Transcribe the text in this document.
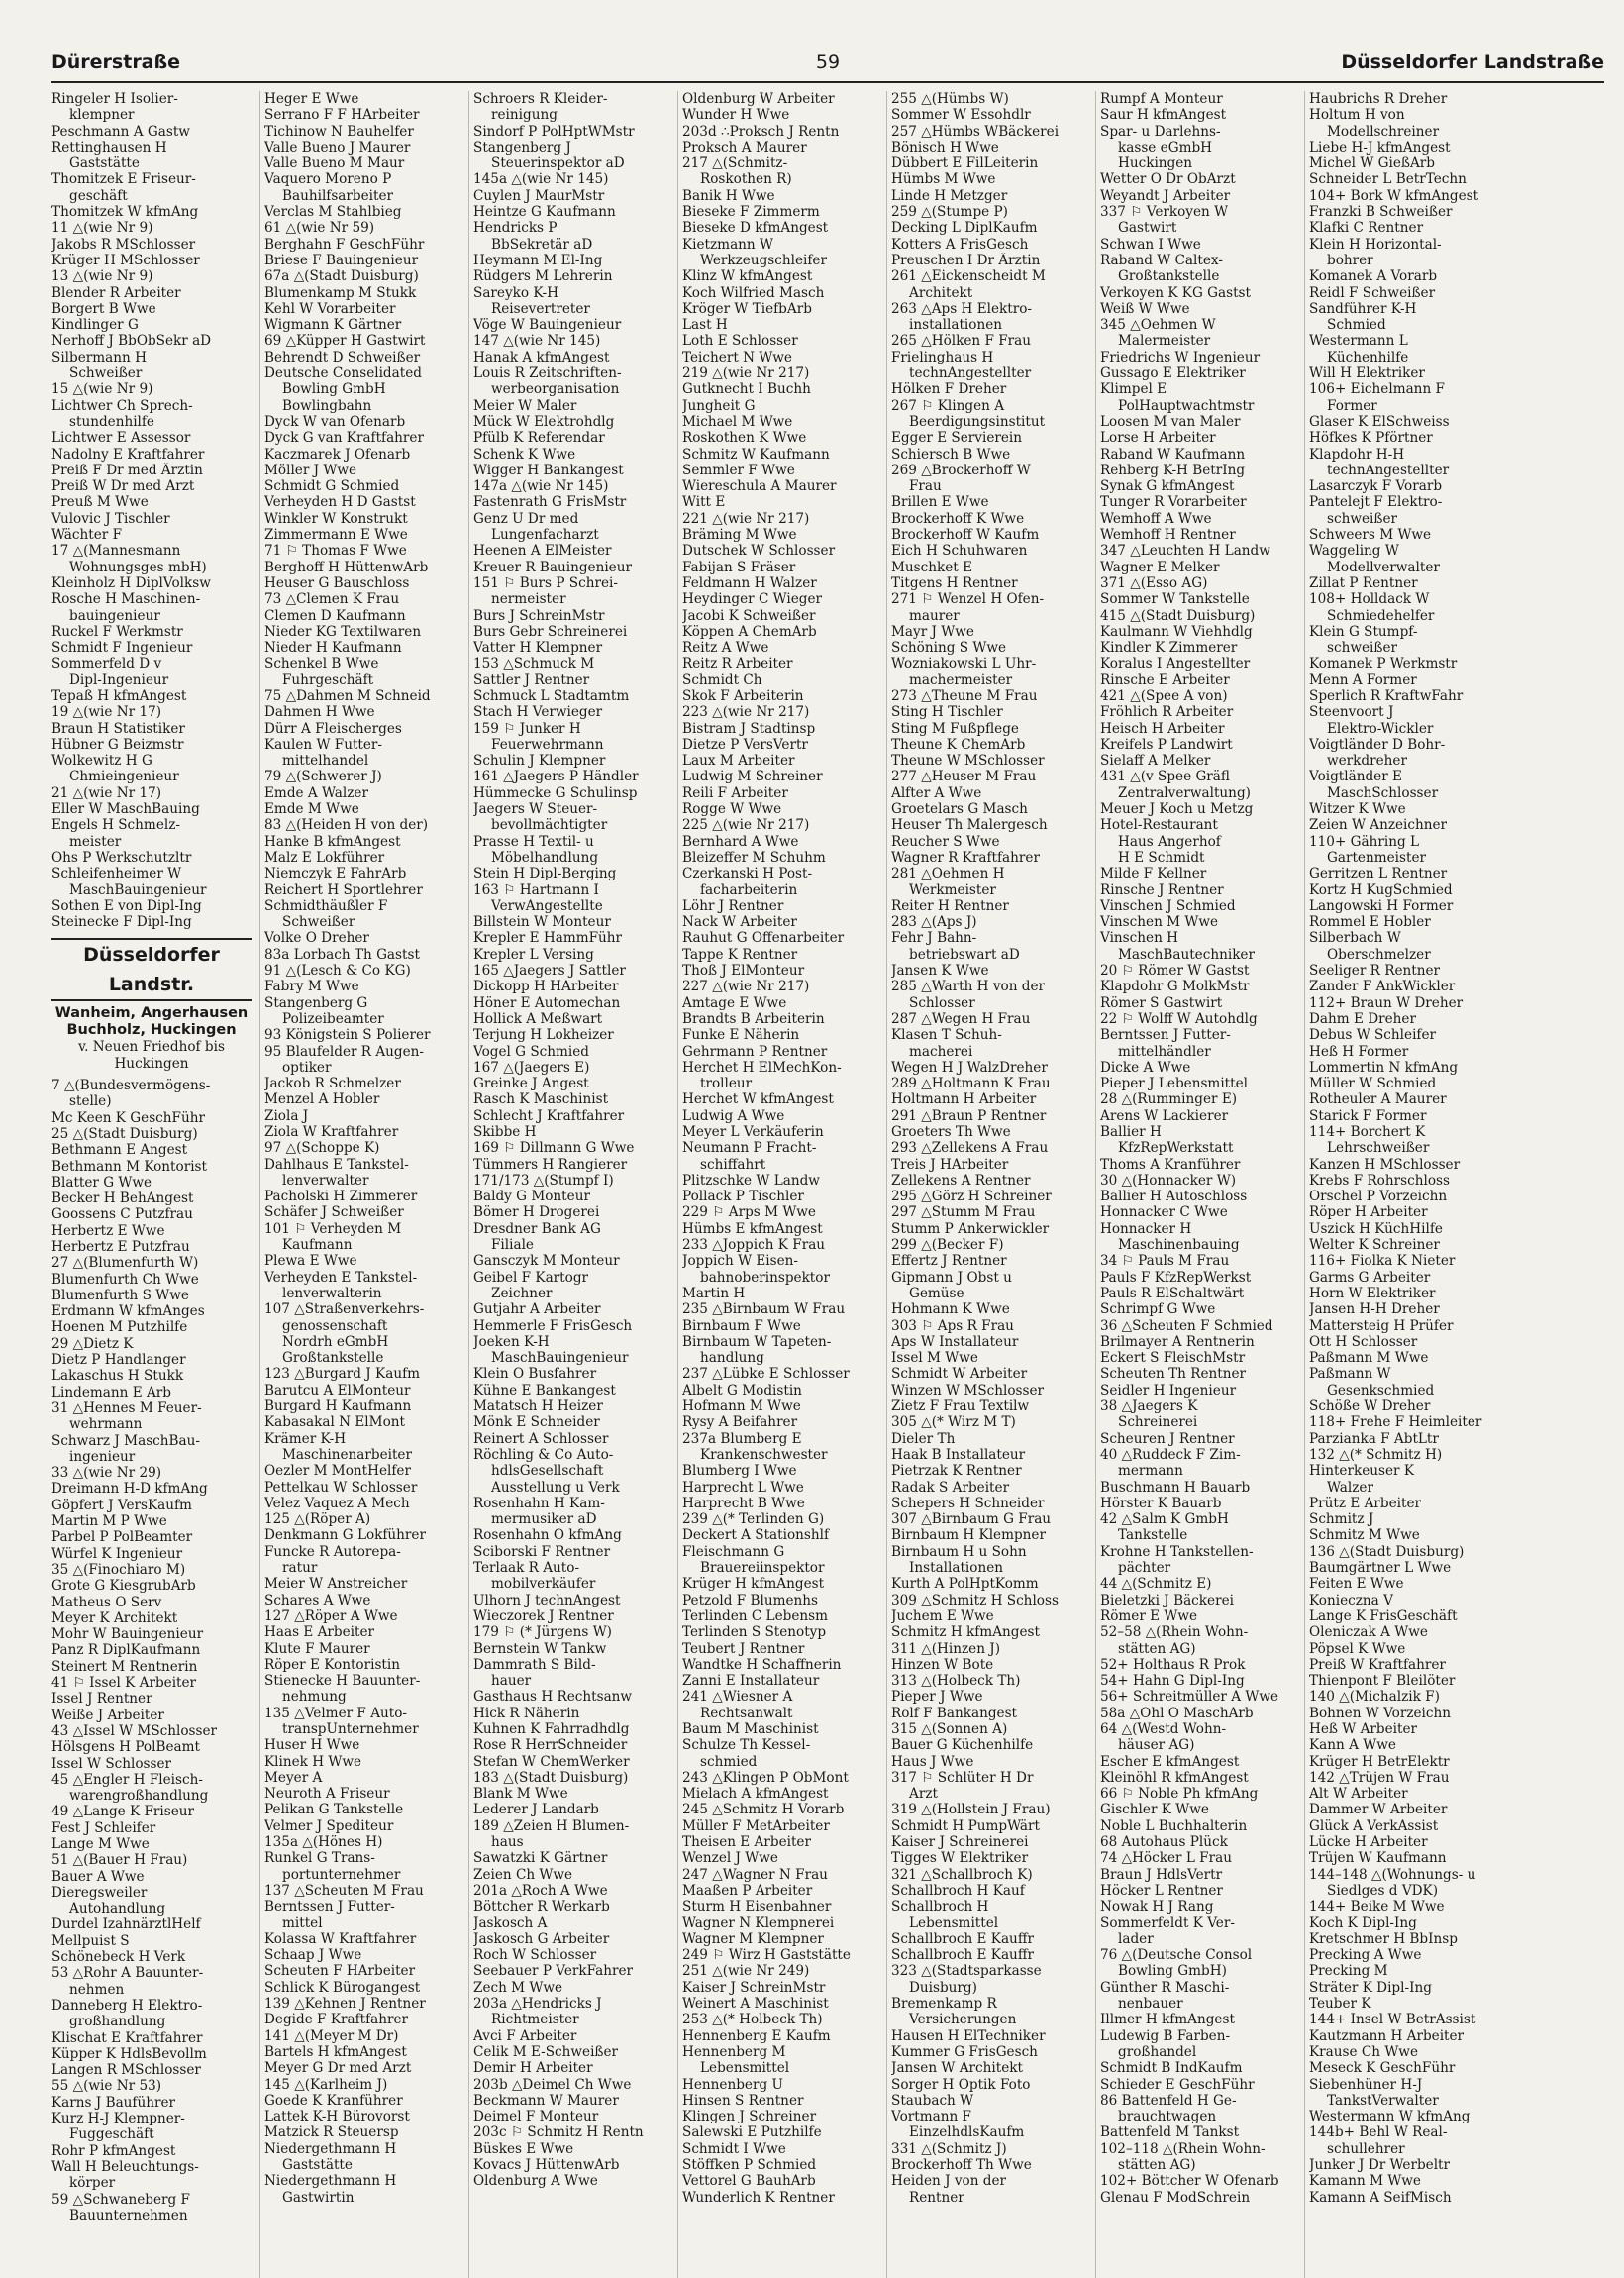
Dürerstraße	59	Düsseldorfer Landstraße
Ringeler H Isolier-
klempner
Peschmann A Gastw
Rettinghausen H
Gaststätte
Thomitzek E Friseur-
geschäft
Thomitzek W kfmAng
11 △(wie Nr 9)
Jakobs R MSchlosser
Krüger H MSchlosser
13 △(wie Nr 9)
Blender R Arbeiter
Borgert B Wwe
Kindlinger G
Nerhoff J BbObSekr aD
Silbermann H
Schweißer
15 △(wie Nr 9)
Lichtwer Ch Sprech-
stundenhilfe
Lichtwer E Assessor
Nadolny E Kraftfahrer
Preiß F Dr med Ärztin
Preiß W Dr med Arzt
Preuß M Wwe
Vulovic J Tischler
Wächter F
17 △(Mannesmann
Wohnungsges mbH)
Kleinholz H DiplVolksw
Rosche H Maschinen-
bauingenieur
Ruckel F Werkmstr
Schmidt F Ingenieur
Sommerfeld D v
Dipl-Ingenieur
Tepaß H kfmAngest
19 △(wie Nr 17)
Braun H Statistiker
Hübner G Beizmstr
Wolkewitz H G
Chmieingenieur
21 △(wie Nr 17)
Eller W MaschBauing
Engels H Schmelz-
meister
Ohs P Werkschutzltr
Schleifenheimer W
MaschBauingenieur
Sothen E von Dipl-Ing
Steinecke F Dipl-Ing
Düsseldorfer Landstr.
Wanheim, Angerhausen
Buchholz, Huckingen
v. Neuen Friedhof bis
Huckingen
7 △(Bundesvermögens-
stelle)
Mc Keen K GeschFühr
25 △(Stadt Duisburg)
Bethmann E Angest
Bethmann M Kontorist
Blatter G Wwe
Becker H BehAngest
Goossens C Putzfrau
Herbertz E Wwe
Herbertz E Putzfrau
27 △(Blumenfurth W)
Blumenfurth Ch Wwe
Blumenfurth S Wwe
Erdmann W kfmAnges
Hoenen M Putzhilfe
29 △Dietz K
Dietz P Handlanger
Lakaschus H Stukk
Lindemann E Arb
31 △Hennes M Feuer-
wehrmann
Schwarz J MaschBau-
ingenieur
33 △(wie Nr 29)
Dreimann H-D kfmAng
Göpfert J VersKaufm
Martin M P Wwe
Parbel P PolBeamter
Würfel K Ingenieur
35 △(Finochiaro M)
Grote G KiesgrubArb
Matheus O Serv
Meyer K Architekt
Mohr W Bauingenieur
Panz R DiplKaufmann
Steinert M Rentnerin
41 ⚐ Issel K Arbeiter
Issel J Rentner
Weiße J Arbeiter
43 △Issel W MSchlosser
Hölsgens H PolBeamt
Issel W Schlosser
45 △Engler H Fleisch-
warengroßhandlung
49 △Lange K Friseur
Fest J Schleifer
Lange M Wwe
51 △(Bauer H Frau)
Bauer A Wwe
Dieregsweiler
Autohandlung
Durdel IzahnärztlHelf
Mellpuist S
Schönebeck H Verk
53 △Rohr A Bauunter-
nehmen
Danneberg H Elektro-
großhandlung
Klischat E Kraftfahrer
Küpper K HdlsBevollm
Langen R MSchlosser
55 △(wie Nr 53)
Karns J Bauführer
Kurz H-J Klempner-
Fuggeschäft
Rohr P kfmAngest
Wall H Beleuchtungs-
körper
59 △Schwaneberg F
Bauunternehmen
Heger E Wwe
Serrano F F HArbeiter
Tichinow N Bauhelfer
Valle Bueno J Maurer
Valle Bueno M Maur
Vaquero Moreno P
Bauhilfsarbeiter
Verclas M Stahlbieg
61 △(wie Nr 59)
Berghahn F GeschFühr
Briese F Bauingenieur
67a △(Stadt Duisburg)
Blumenkamp M Stukk
Kehl W Vorarbeiter
Wigmann K Gärtner
69 △Küpper H Gastwirt
Behrendt D Schweißer
Deutsche Conselidated
Bowling GmbH
Bowlingbahn
Dyck W van Ofenarb
Dyck G van Kraftfahrer
Kaczmarek J Ofenarb
Möller J Wwe
Schmidt G Schmied
Verheyden H D Gastst
Winkler W Konstrukt
Zimmermann E Wwe
71 ⚐ Thomas F Wwe
Berghoff H HüttenwArb
Heuser G Bauschloss
73 △Clemen K Frau
Clemen D Kaufmann
Nieder KG Textilwaren
Nieder H Kaufmann
Schenkel B Wwe
Fuhrgeschäft
75 △Dahmen M Schneid
Dahmen H Wwe
Dürr A Fleischerges
Kaulen W Futter-
mittelhandel
79 △(Schwerer J)
Emde A Walzer
Emde M Wwe
83 △(Heiden H von der)
Hanke B kfmAngest
Malz E Lokführer
Niemczyk E FahrArb
Reichert H Sportlehrer
Schmidthäußler F
Schweißer
Volke O Dreher
83a Lorbach Th Gastst
91 △(Lesch & Co KG)
Fabry M Wwe
Stangenberg G
Polizeibeamter
93 Königstein S Polierer
95 Blaufelder R Augen-
optiker
Jackob R Schmelzer
Menzel A Hobler
Ziola J
Ziola W Kraftfahrer
97 △(Schoppe K)
Dahlhaus E Tankstel-
lenverwalter
Pacholski H Zimmerer
Schäfer J Schweißer
101 ⚐ Verheyden M
Kaufmann
Plewa E Wwe
Verheyden E Tankstel-
lenverwalterin
107 △Straßenverkehrs-
genossenschaft
Nordrh eGmbH
Großtankstelle
123 △Burgard J Kaufm
Barutcu A ElMonteur
Burgard H Kaufmann
Kabasakal N ElMont
Krämer K-H
Maschinenarbeiter
Oezler M MontHelfer
Pettelkau W Schlosser
Velez Vaquez A Mech
125 △(Röper A)
Denkmann G Lokführer
Funcke R Autorepa-
ratur
Meier W Anstreicher
Schares A Wwe
127 △Röper A Wwe
Haas E Arbeiter
Klute F Maurer
Röper E Kontoristin
Stienecke H Bauunter-
nehmung
135 △Velmer F Auto-
transpUnternehmer
Huser H Wwe
Klinek H Wwe
Meyer A
Neuroth A Friseur
Pelikan G Tankstelle
Velmer J Spediteur
135a △(Hönes H)
Runkel G Trans-
portunternehmer
137 △Scheuten M Frau
Berntssen J Futter-
mittel
Kolassa W Kraftfahrer
Schaap J Wwe
Scheuten F HArbeiter
Schlick K Bürogangest
139 △Kehnen J Rentner
Degide F Kraftfahrer
141 △(Meyer M Dr)
Bartels H kfmAngest
Meyer G Dr med Arzt
145 △(Karlheim J)
Goede K Kranführer
Lattek K-H Bürovorst
Matzick R Steuersp
Niedergethmann H
Gaststätte
Niedergethmann H
Gastwirtin
Schroers R Kleider-
reinigung
Sindorf P PolHptWMstr
Stangenberg J
Steuerinspektor aD
145a △(wie Nr 145)
Cuylen J MaurMstr
Heintze G Kaufmann
Hendricks P
BbSekretär aD
Heymann M El-Ing
Rüdgers M Lehrerin
Sareyko K-H
Reisevertreter
Vöge W Bauingenieur
147 △(wie Nr 145)
Hanak A kfmAngest
Louis R Zeitschriften-
werbeorganisation
Meier W Maler
Mück W Elektrohdlg
Pfülb K Referendar
Schenk K Wwe
Wigger H Bankangest
147a △(wie Nr 145)
Fastenrath G FrisMstr
Genz U Dr med
Lungenfacharzt
Heenen A ElMeister
Kreuer R Bauingenieur
151 ⚐ Burs P Schrei-
nermeister
Burs J SchreinMstr
Burs Gebr Schreinerei
Vatter H Klempner
153 △Schmuck M
Sattler J Rentner
Schmuck L Stadtamtm
Stach H Verwieger
159 ⚐ Junker H
Feuerwehrmann
Schulin J Klempner
161 △Jaegers P Händler
Hümmecke G Schulinsp
Jaegers W Steuer-
bevollmächtigter
Prasse H Textil- u
Möbelhandlung
Stein H Dipl-Berging
163 ⚐ Hartmann I
VerwAngestellte
Billstein W Monteur
Krepler E HammFühr
Krepler L Versing
165 △Jaegers J Sattler
Dickopp H HArbeiter
Höner E Automechan
Hollick A Meßwart
Terjung H Lokheizer
Vogel G Schmied
167 △(Jaegers E)
Greinke J Angest
Rasch K Maschinist
Schlecht J Kraftfahrer
Skibbe H
169 ⚐ Dillmann G Wwe
Tümmers H Rangierer
171/173 △(Stumpf I)
Baldy G Monteur
Bömer H Drogerei
Dresdner Bank AG
Filiale
Gansczyk M Monteur
Geibel F Kartogr
Zeichner
Gutjahr A Arbeiter
Hemmerle F FrisGesch
Joeken K-H
MaschBauingenieur
Klein O Busfahrer
Kühne E Bankangest
Matatsch H Heizer
Mönk E Schneider
Reinert A Schlosser
Röchling & Co Auto-
hdlsGesellschaft
Ausstellung u Verk
Rosenhahn H Kam-
mermusiker aD
Rosenhahn O kfmAng
Sciborski F Rentner
Terlaak R Auto-
mobilverkäufer
Ulhorn J technAngest
Wieczorek J Rentner
179 ⚐ (* Jürgens W)
Bernstein W Tankw
Dammrath S Bild-
hauer
Gasthaus H Rechtsanw
Hick R Näherin
Kuhnen K Fahrradhdlg
Rose R HerrSchneider
Stefan W ChemWerker
183 △(Stadt Duisburg)
Blank M Wwe
Lederer J Landarb
189 △Zeien H Blumen-
haus
Sawatzki K Gärtner
Zeien Ch Wwe
201a △Roch A Wwe
Böttcher R Werkarb
Jaskosch A
Jaskosch G Arbeiter
Roch W Schlosser
Seebauer P VerkFahrer
Zech M Wwe
203a △Hendricks J
Richtmeister
Avci F Arbeiter
Celik M E-Schweißer
Demir H Arbeiter
203b △Deimel Ch Wwe
Beckmann W Maurer
Deimel F Monteur
203c ⚐ Schmitz H Rentn
Büskes E Wwe
Kovacs J HüttenwArb
Oldenburg A Wwe
Oldenburg W Arbeiter
Wunder H Wwe
203d ∴Proksch J Rentn
Proksch A Maurer
217 △(Schmitz-
Roskothen R)
Banik H Wwe
Bieseke F Zimmerm
Bieseke D kfmAngest
Kietzmann W
Werkzeugschleifer
Klinz W kfmAngest
Koch Wilfried Masch
Kröger W TiefbArb
Last H
Loth E Schlosser
Teichert N Wwe
219 △(wie Nr 217)
Gutknecht I Buchh
Jungheit G
Michael M Wwe
Roskothen K Wwe
Schmitz W Kaufmann
Semmler F Wwe
Wiereschula A Maurer
Witt E
221 △(wie Nr 217)
Bräming M Wwe
Dutschek W Schlosser
Fabijan S Fräser
Feldmann H Walzer
Heydinger C Wieger
Jacobi K Schweißer
Köppen A ChemArb
Reitz A Wwe
Reitz R Arbeiter
Schmidt Ch
Skok F Arbeiterin
223 △(wie Nr 217)
Bistram J Stadtinsp
Dietze P VersVertr
Laux M Arbeiter
Ludwig M Schreiner
Reili F Arbeiter
Rogge W Wwe
225 △(wie Nr 217)
Bernhard A Wwe
Bleizeffer M Schuhm
Czerkanski H Post-
facharbeiterin
Löhr J Rentner
Nack W Arbeiter
Rauhut G Offenarbeiter
Tappe K Rentner
Thoß J ElMonteur
227 △(wie Nr 217)
Amtage E Wwe
Brandts B Arbeiterin
Funke E Näherin
Gehrmann P Rentner
Herchet H ElMechKon-
trolleur
Herchet W kfmAngest
Ludwig A Wwe
Meyer L Verkäuferin
Neumann P Fracht-
schiffahrt
Plitzschke W Landw
Pollack P Tischler
229 ⚐ Arps M Wwe
Hümbs E kfmAngest
233 △Joppich K Frau
Joppich W Eisen-
bahnoberinspektor
Martin H
235 △Birnbaum W Frau
Birnbaum F Wwe
Birnbaum W Tapeten-
handlung
237 △Lübke E Schlosser
Albelt G Modistin
Hofmann M Wwe
Rysy A Beifahrer
237a Blumberg E
Krankenschwester
Blumberg I Wwe
Harprecht L Wwe
Harprecht B Wwe
239 △(* Terlinden G)
Deckert A Stationshlf
Fleischmann G
Brauereiinspektor
Krüger H kfmAngest
Petzold F Blumenhs
Terlinden C Lebensm
Terlinden S Stenotyp
Teubert J Rentner
Wandtke H Schaffnerin
Zanni E Installateur
241 △Wiesner A
Rechtsanwalt
Baum M Maschinist
Schulze Th Kessel-
schmied
243 △Klingen P ObMont
Mielach A kfmAngest
245 △Schmitz H Vorarb
Müller F MetArbeiter
Theisen E Arbeiter
Wenzel J Wwe
247 △Wagner N Frau
Maaßen P Arbeiter
Sturm H Eisenbahner
Wagner N Klempnerei
Wagner M Klempner
249 ⚐ Wirz H Gaststätte
251 △(wie Nr 249)
Kaiser J SchreinMstr
Weinert A Maschinist
253 △(* Holbeck Th)
Hennenberg E Kaufm
Hennenberg M
Lebensmittel
Hennenberg U
Hinsen S Rentner
Klingen J Schreiner
Salewski E Putzhilfe
Schmidt I Wwe
Stöffken P Schmied
Vettorel G BauhArb
Wunderlich K Rentner
255 △(Hümbs W)
Sommer W Essohdlr
257 △Hümbs WBäckerei
Bönisch H Wwe
Dübbert E FilLeiterin
Hümbs M Wwe
Linde H Metzger
259 △(Stumpe P)
Decking L DiplKaufm
Kotters A FrisGesch
Preuschen I Dr Ärztin
261 △Eickenscheidt M
Architekt
263 △Aps H Elektro-
installationen
265 △Hölken F Frau
Frielinghaus H
technAngestellter
Hölken F Dreher
267 ⚐ Klingen A
Beerdigungsinstitut
Egger E Servierein
Schiersch B Wwe
269 △Brockerhoff W
Frau
Brillen E Wwe
Brockerhoff K Wwe
Brockerhoff W Kaufm
Eich H Schuhwaren
Muschket E
Titgens H Rentner
271 ⚐ Wenzel H Ofen-
maurer
Mayr J Wwe
Schöning S Wwe
Wozniakowski L Uhr-
machermeister
273 △Theune M Frau
Sting H Tischler
Sting M Fußpflege
Theune K ChemArb
Theune W MSchlosser
277 △Heuser M Frau
Alfter A Wwe
Groetelars G Masch
Heuser Th Malergesch
Reucher S Wwe
Wagner R Kraftfahrer
281 △Oehmen H
Werkmeister
Reiter H Rentner
283 △(Aps J)
Fehr J Bahn-
betriebswart aD
Jansen K Wwe
285 △Warth H von der
Schlosser
287 △Wegen H Frau
Klasen T Schuh-
macherei
Wegen H J WalzDreher
289 △Holtmann K Frau
Holtmann H Arbeiter
291 △Braun P Rentner
Groeters Th Wwe
293 △Zellekens A Frau
Treis J HArbeiter
Zellekens A Rentner
295 △Görz H Schreiner
297 △Stumm M Frau
Stumm P Ankerwickler
299 △(Becker F)
Effertz J Rentner
Gipmann J Obst u
Gemüse
Hohmann K Wwe
303 ⚐ Aps R Frau
Aps W Installateur
Issel M Wwe
Schmidt W Arbeiter
Winzen W MSchlosser
Zietz F Frau Textilw
305 △(* Wirz M T)
Dieler Th
Haak B Installateur
Pietrzak K Rentner
Radak S Arbeiter
Schepers H Schneider
307 △Birnbaum G Frau
Birnbaum H Klempner
Birnbaum H u Sohn
Installationen
Kurth A PolHptKomm
309 △Schmitz H Schloss
Juchem E Wwe
Schmitz H kfmAngest
311 △(Hinzen J)
Hinzen W Bote
313 △(Holbeck Th)
Pieper J Wwe
Rolf F Bankangest
315 △(Sonnen A)
Bauer G Küchenhilfe
Haus J Wwe
317 ⚐ Schlüter H Dr
Arzt
319 △(Hollstein J Frau)
Schmidt H PumpWärt
Kaiser J Schreinerei
Tigges W Elektriker
321 △Schallbroch K)
Schallbroch H Kauf
Schallbroch H
Lebensmittel
Schallbroch E Kauffr
Schallbroch E Kauffr
323 △(Stadtsparkasse
Duisburg)
Bremenkamp R
Versicherungen
Hausen H ElTechniker
Kummer G FrisGesch
Jansen W Architekt
Sorger H Optik Foto
Staubach W
Vortmann F
EinzelhdlsKaufm
331 △(Schmitz J)
Brockerhoff Th Wwe
Heiden J von der
Rentner
Rumpf A Monteur
Saur H kfmAngest
Spar- u Darlehns-
kasse eGmbH
Huckingen
Wetter O Dr ObArzt
Weyandt J Arbeiter
337 ⚐ Verkoyen W
Gastwirt
Schwan I Wwe
Raband W Caltex-
Großtankstelle
Verkoyen K KG Gastst
Weiß W Wwe
345 △Oehmen W
Malermeister
Friedrichs W Ingenieur
Gussago E Elektriker
Klimpel E
PolHauptwachtmstr
Loosen M van Maler
Lorse H Arbeiter
Raband W Kaufmann
Rehberg K-H BetrIng
Synak G kfmAngest
Tunger R Vorarbeiter
Wemhoff A Wwe
Wemhoff H Rentner
347 △Leuchten H Landw
Wagner E Melker
371 △(Esso AG)
Sommer W Tankstelle
415 △(Stadt Duisburg)
Kaulmann W Viehhdlg
Kindler K Zimmerer
Koralus I Angestellter
Rinsche E Arbeiter
421 △(Spee A von)
Fröhlich R Arbeiter
Heisch H Arbeiter
Kreifels P Landwirt
Sielaff A Melker
431 △(v Spee Gräfl
Zentralverwaltung)
Meuer J Koch u Metzg
Hotel-Restaurant
Haus Angerhof
H E Schmidt
Milde F Kellner
Rinsche J Rentner
Vinschen J Schmied
Vinschen M Wwe
Vinschen H
MaschBautechniker
20 ⚐ Römer W Gastst
Klapdohr G MolkMstr
Römer S Gastwirt
22 ⚐ Wolff W Autohdlg
Berntssen J Futter-
mittelhändler
Dicke A Wwe
Pieper J Lebensmittel
28 △(Rumminger E)
Arens W Lackierer
Ballier H
KfzRepWerkstatt
Thoms A Kranführer
30 △(Honnacker W)
Ballier H Autoschloss
Honnacker C Wwe
Honnacker H
Maschinenbauing
34 ⚐ Pauls M Frau
Pauls F KfzRepWerkst
Pauls R ElSchaltwärt
Schrimpf G Wwe
36 △Scheuten F Schmied
Brilmayer A Rentnerin
Eckert S FleischMstr
Scheuten Th Rentner
Seidler H Ingenieur
38 △Jaegers K
Schreinerei
Scheuren J Rentner
40 △Ruddeck F Zim-
mermann
Buschmann H Bauarb
Hörster K Bauarb
42 △Salm K GmbH
Tankstelle
Krohne H Tankstellen-
pächter
44 △(Schmitz E)
Bieletzki J Bäckerei
Römer E Wwe
52–58 △(Rhein Wohn-
stätten AG)
52+ Holthaus R Prok
54+ Hahn G Dipl-Ing
56+ Schreitmüller A Wwe
58a △Ohl O MaschArb
64 △(Westd Wohn-
häuser AG)
Escher E kfmAngest
Kleinöhl R kfmAngest
66 ⚐ Noble Ph kfmAng
Gischler K Wwe
Noble L Buchhalterin
68 Autohaus Plück
74 △Höcker L Frau
Braun J HdlsVertr
Höcker L Rentner
Nowak H J Rang
Sommerfeldt K Ver-
lader
76 △(Deutsche Consol
Bowling GmbH)
Günther R Maschi-
nenbauer
Illmer H kfmAngest
Ludewig B Farben-
großhandel
Schmidt B IndKaufm
Schieder E GeschFühr
86 Battenfeld H Ge-
brauchtwagen
Battenfeld M Tankst
102–118 △(Rhein Wohn-
stätten AG)
102+ Böttcher W Ofenarb
Glenau F ModSchrein
Haubrichs R Dreher
Holtum H von
Modellschreiner
Liebe H-J kfmAngest
Michel W GießArb
Schneider L BetrTechn
104+ Bork W kfmAngest
Franzki B Schweißer
Klafki C Rentner
Klein H Horizontal-
bohrer
Komanek A Vorarb
Reidl F Schweißer
Sandführer K-H
Schmied
Westermann L
Küchenhilfe
Will H Elektriker
106+ Eichelmann F
Former
Glaser K ElSchweiss
Höfkes K Pförtner
Klapdohr H-H
technAngestellter
Lasarczyk F Vorarb
Pantelejt F Elektro-
schweißer
Schweers M Wwe
Waggeling W
Modellverwalter
Zillat P Rentner
108+ Holldack W
Schmiedehelfer
Klein G Stumpf-
schweißer
Komanek P Werkmstr
Menn A Former
Sperlich R KraftwFahr
Steenvoort J
Elektro-Wickler
Voigtländer D Bohr-
werkdreher
Voigtländer E
MaschSchlosser
Witzer K Wwe
Zeien W Anzeichner
110+ Gähring L
Gartenmeister
Gerritzen L Rentner
Kortz H KugSchmied
Langowski H Former
Rommel E Hobler
Silberbach W
Oberschmelzer
Seeliger R Rentner
Zander F AnkWickler
112+ Braun W Dreher
Dahm E Dreher
Debus W Schleifer
Heß H Former
Lommertin N kfmAng
Müller W Schmied
Rotheuler A Maurer
Starick F Former
114+ Borchert K
Lehrschweißer
Kanzen H MSchlosser
Krebs F Rohrschloss
Orschel P Vorzeichn
Röper H Arbeiter
Uszick H KüchHilfe
Welter K Schreiner
116+ Fiolka K Nieter
Garms G Arbeiter
Horn W Elektriker
Jansen H-H Dreher
Mattersteig H Prüfer
Ott H Schlosser
Paßmann M Wwe
Paßmann W
Gesenkschmied
Schöße W Dreher
118+ Frehe F Heimleiter
Parzianka F AbtLtr
132 △(* Schmitz H)
Hinterkeuser K
Walzer
Prütz E Arbeiter
Schmitz J
Schmitz M Wwe
136 △(Stadt Duisburg)
Baumgärtner L Wwe
Feiten E Wwe
Konieczna V
Lange K FrisGeschäft
Oleniczak A Wwe
Pöpsel K Wwe
Preiß W Kraftfahrer
Thienpont F Bleilöter
140 △(Michalzik F)
Bohnen W Vorzeichn
Heß W Arbeiter
Kann A Wwe
Krüger H BetrElektr
142 △Trüjen W Frau
Alt W Arbeiter
Dammer W Arbeiter
Glück A VerkAssist
Lücke H Arbeiter
Trüjen W Kaufmann
144–148 △(Wohnungs- u
Siedlges d VDK)
144+ Beike M Wwe
Koch K Dipl-Ing
Kretschmer H BbInsp
Precking A Wwe
Precking M
Sträter K Dipl-Ing
Teuber K
144+ Insel W BetrAssist
Kautzmann H Arbeiter
Krause Ch Wwe
Meseck K GeschFühr
Siebenhüner H-J
TankstVerwalter
Westermann W kfmAng
144b+ Behl W Real-
schullehrer
Junker J Dr Werbeltr
Kamann M Wwe
Kamann A SeifMisch
